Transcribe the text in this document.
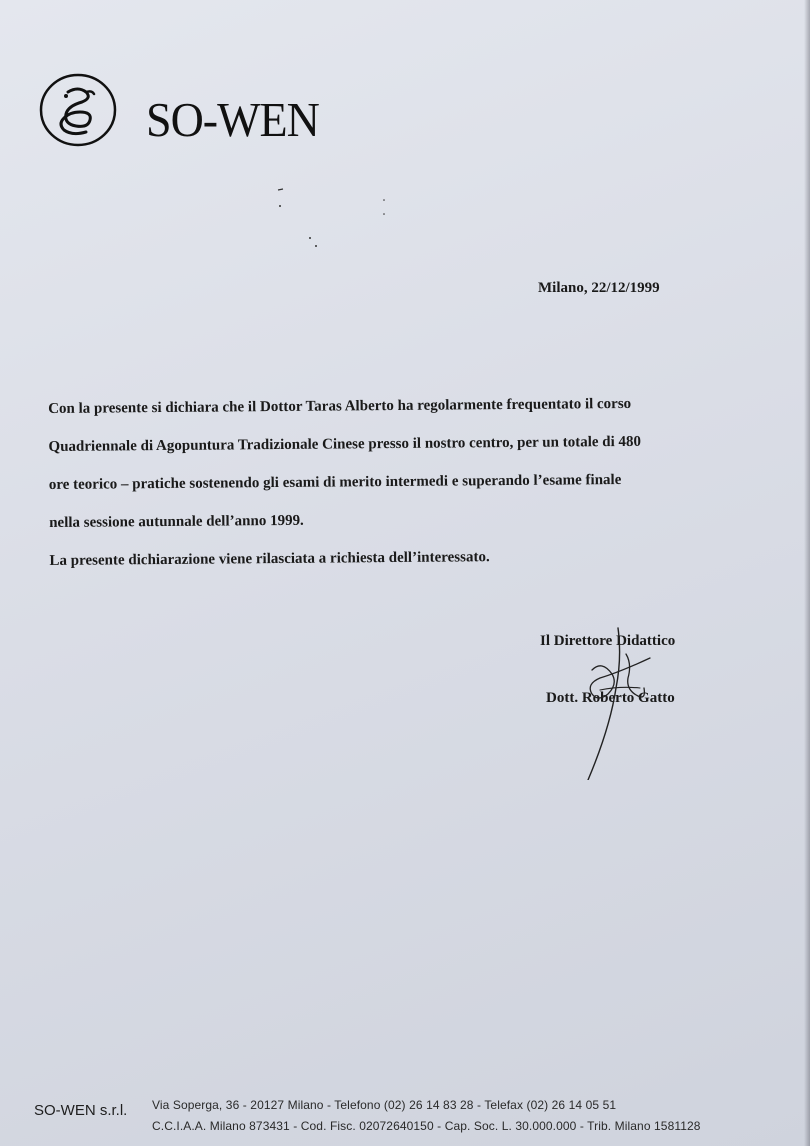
SO-WEN
Milano, 22/12/1999

Con la presente si dichiara che il Dottor Taras Alberto ha regolarmente frequentato il corso

Quadriennale di Agopuntura Tradizionale Cinese presso il nostro centro, per un totale di 480

ore teorico – pratiche sostenendo gli esami di merito intermedi e superando l’esame finale

nella sessione autunnale dell’anno 1999.

La presente dichiarazione viene rilasciata a richiesta dell’interessato.

Il Direttore Didattico
Dott. Roberto Gatto
SO-WEN s.r.l. Via Soperga, 36 - 20127 Milano - Telefono (02) 26 14 83 28 - Telefax (02) 26 14 05 51
C.C.I.A.A. Milano 873431 - Cod. Fisc. 02072640150 - Cap. Soc. L. 30.000.000 - Trib. Milano 1581128
